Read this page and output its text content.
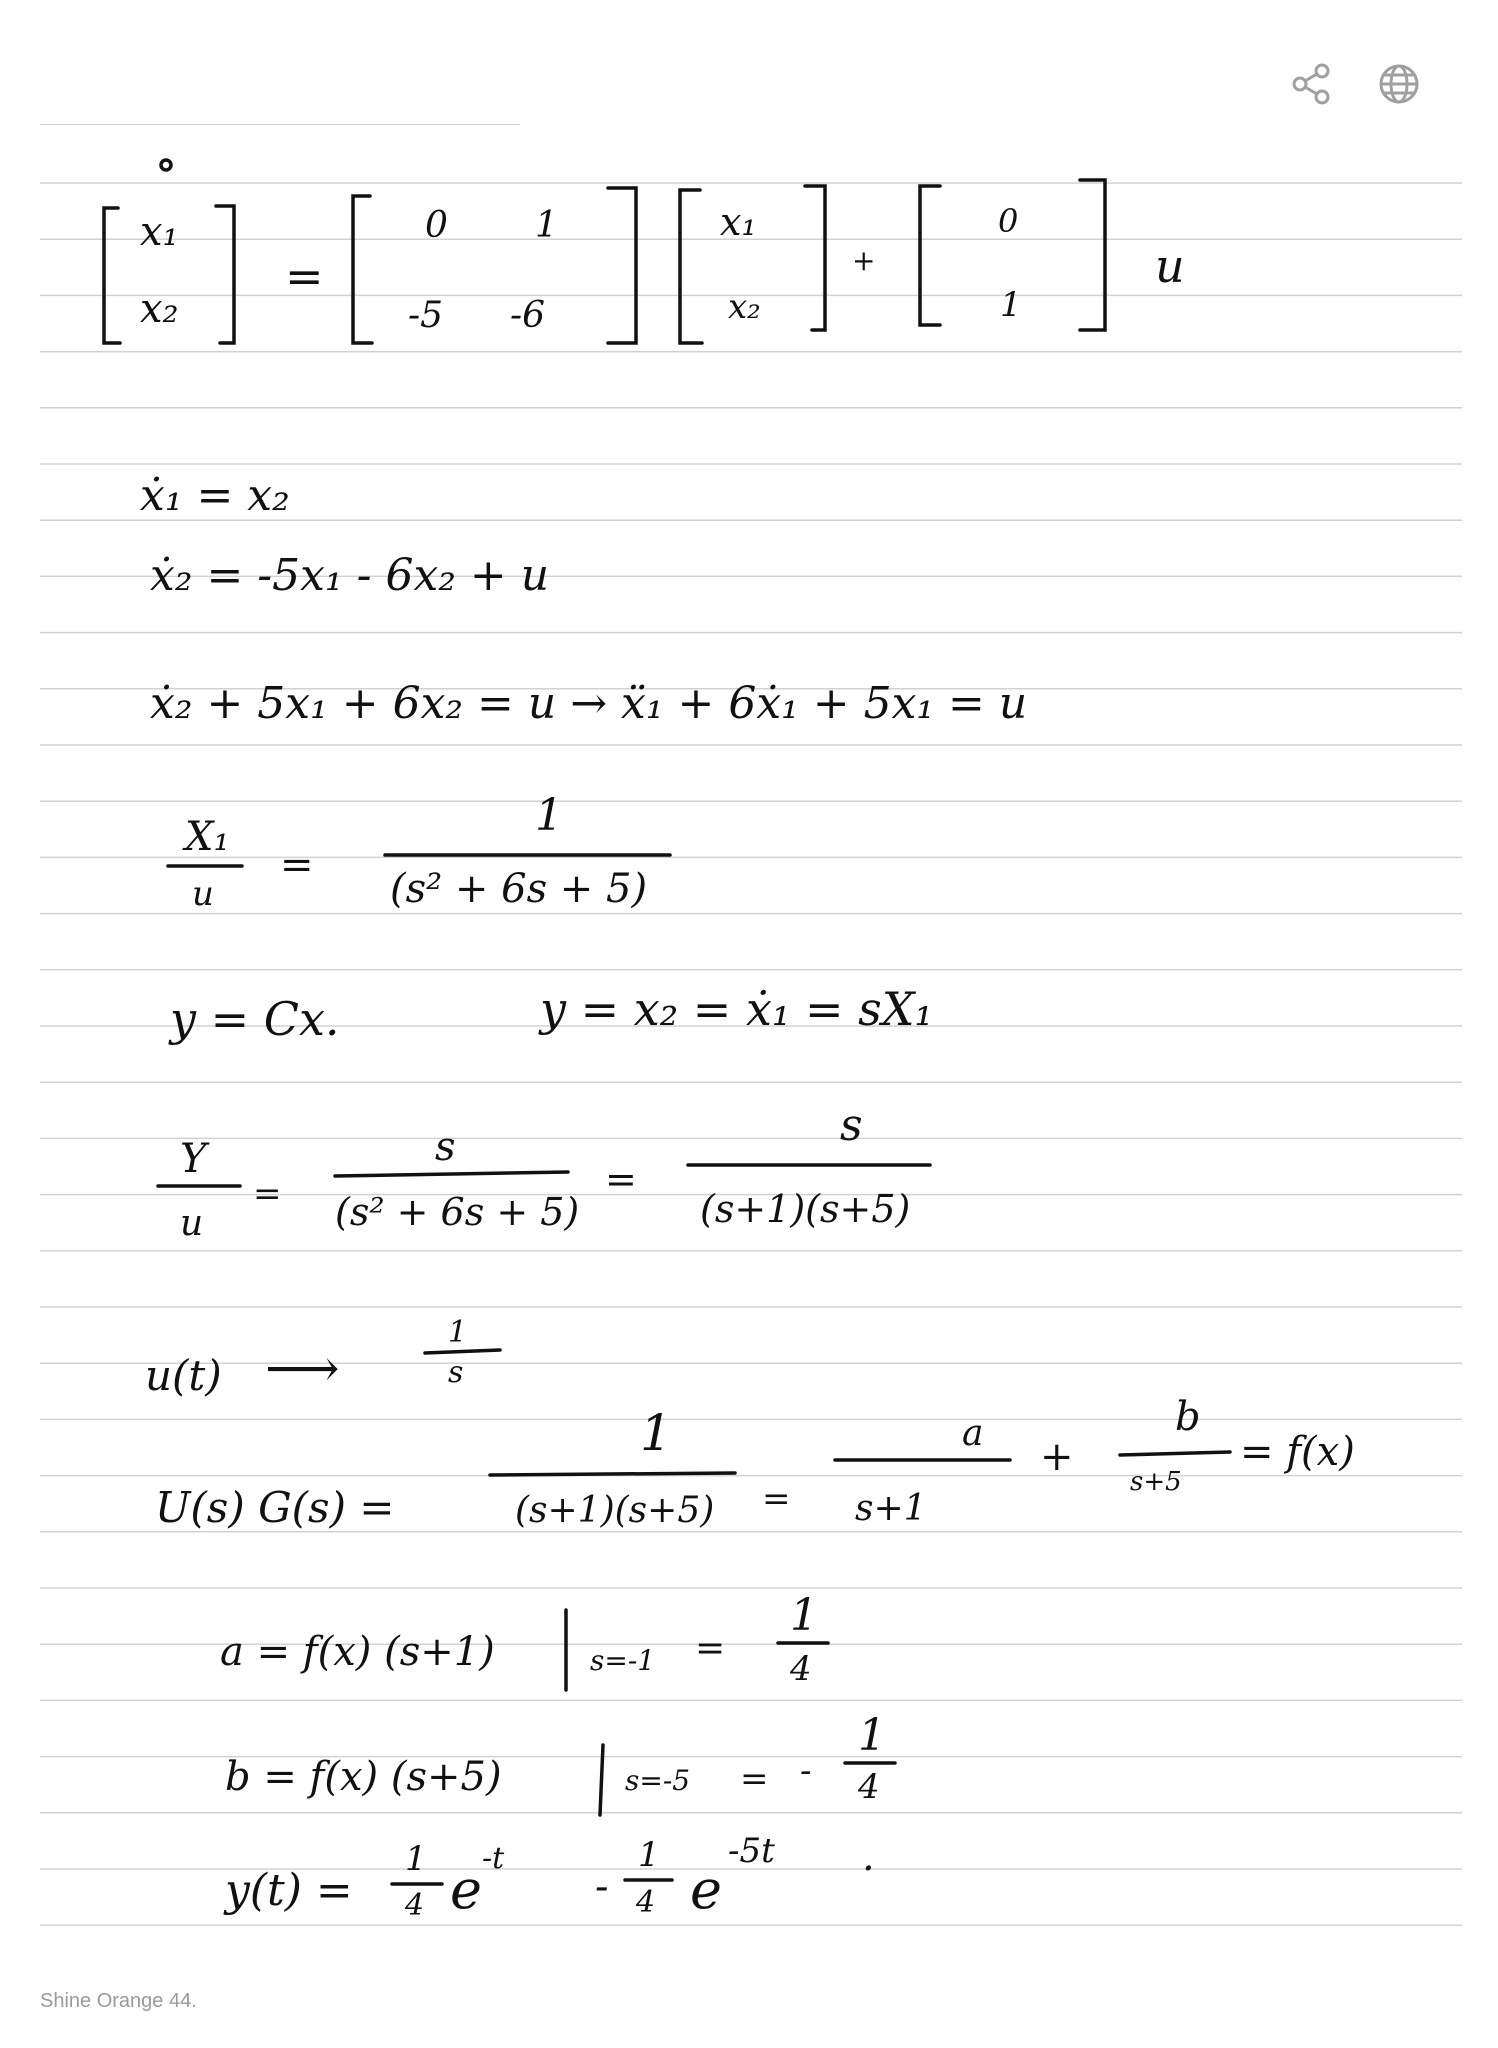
x₁
x₂
=
0 1
-5 -6
x₁
x₂
+
0
1
u
ẋ₁ = x₂
ẋ₂ = -5x₁ - 6x₂ + u
ẋ₂ + 5x₁ + 6x₂ = u → ẍ₁ + 6ẋ₁ + 5x₁ = u
X₁
u
=
1
(s² + 6s + 5)
y = Cx.	y = x₂ = ẋ₁ = sX₁
Y
u
=
s
(s² + 6s + 5)
=
s
(s+1)(s+5)
u(t) ⟶
1
s
U(s) G(s) =
1
(s+1)(s+5) =
a
s+1
+
b
s+5
= f(x)
a = f(x) (s+1)	s=-1 =
1
4
b = f(x) (s+5)	s=-5 = -
1
4
y(t) =
1
4 e -t
-
1
4 e
-5t .
Shine Orange 44.
